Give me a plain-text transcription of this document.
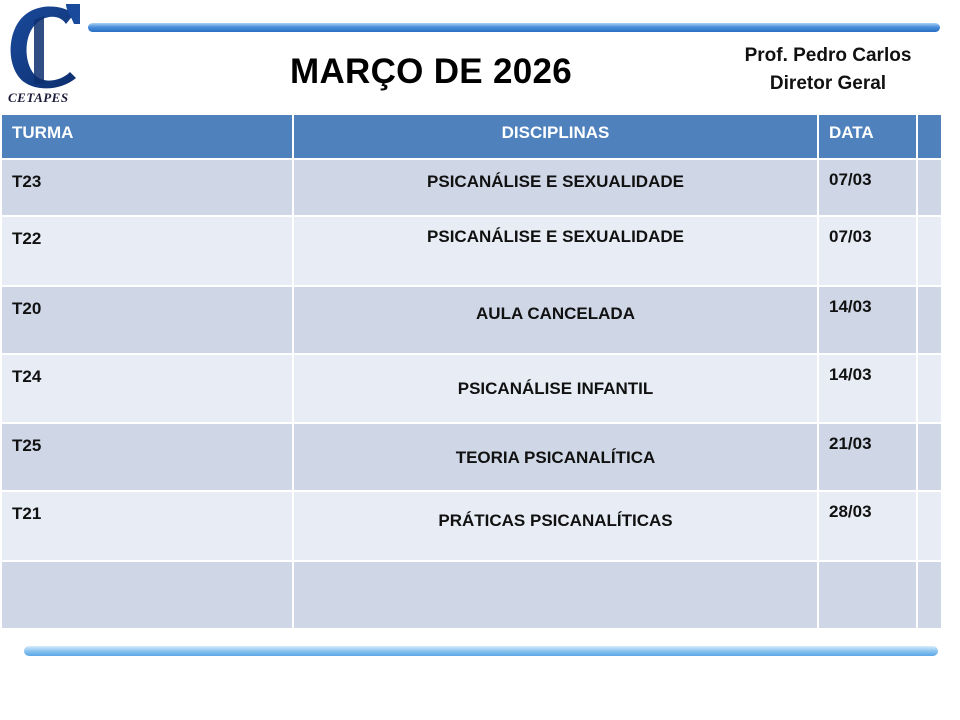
CETAPES
MARÇO DE 2026	Prof. Pedro Carlos
Diretor Geral
TURMA	DISCIPLINAS	DATA	
T23	PSICANÁLISE E SEXUALIDADE	07/03	
T22	PSICANÁLISE E SEXUALIDADE	07/03	
T20	AULA CANCELADA	14/03	
T24	PSICANÁLISE INFANTIL	14/03	
T25	TEORIA PSICANALÍTICA	21/03	
T21	PRÁTICAS PSICANALÍTICAS	28/03	
